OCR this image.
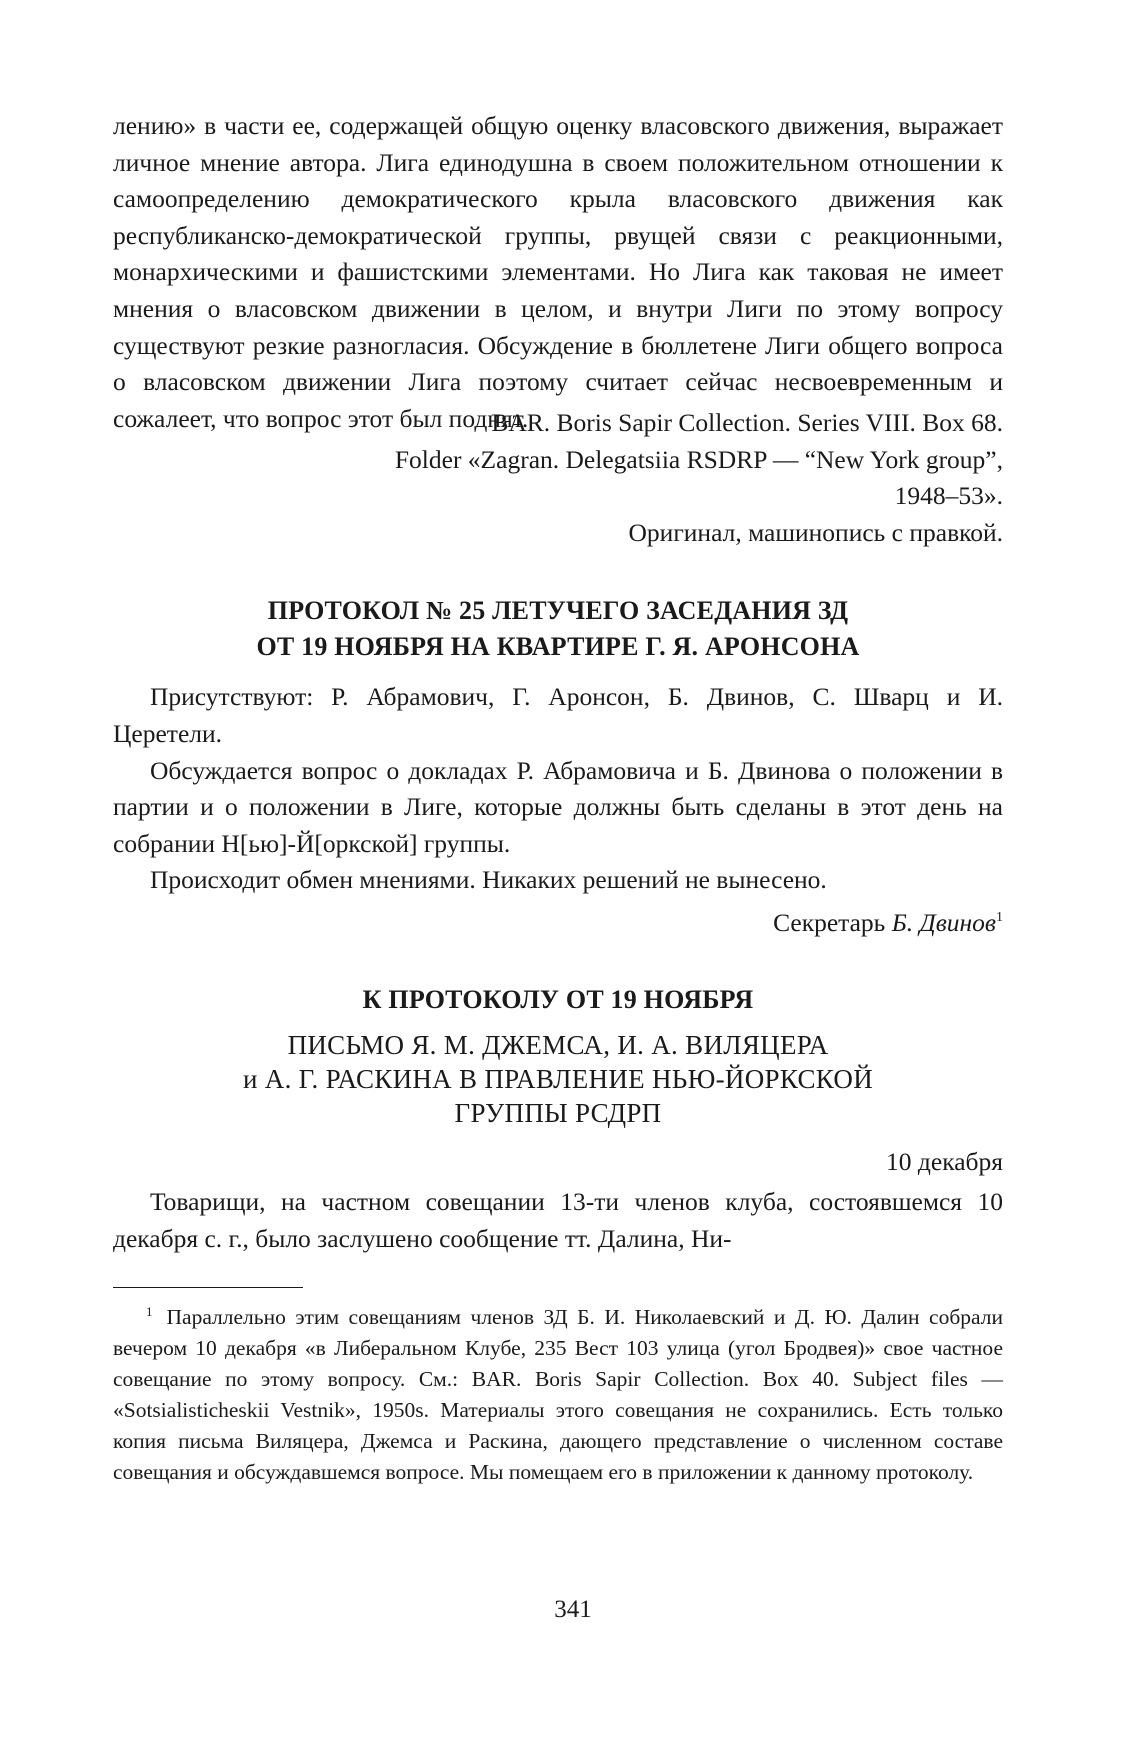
лению» в части ее, содержащей общую оценку власовского движения, выражает личное мнение автора. Лига единодушна в своем положительном отношении к самоопределению демократического крыла власовского движения как республиканско-демократической группы, рвущей связи с реакционными, монархическими и фашистскими элементами. Но Лига как таковая не имеет мнения о власовском движении в целом, и внутри Лиги по этому вопросу существуют резкие разногласия. Обсуждение в бюллетене Лиги общего вопроса о власовском движении Лига поэтому считает сейчас несвоевременным и сожалеет, что вопрос этот был поднят.

BAR. Boris Sapir Collection. Series VIII. Box 68.

Folder «Zagran. Delegatsiia RSDRP — “New York group”,

1948–53».

Оригинал, машинопись с правкой.

ПРОТОКОЛ № 25 ЛЕТУЧЕГО ЗАСЕДАНИЯ ЗД
ОТ 19 НОЯБРЯ НА КВАРТИРЕ Г. Я. АРОНСОНА

Присутствуют: Р. Абрамович, Г. Аронсон, Б. Двинов, С. Шварц и И. Церетели.

Обсуждается вопрос о докладах Р. Абрамовича и Б. Двинова о положении в партии и о положении в Лиге, которые должны быть сделаны в этот день на собрании Н[ью]-Й[оркской] группы.

Происходит обмен мнениями. Никаких решений не вынесено.

Секретарь Б. Двинов$^1$

К ПРОТОКОЛУ ОТ 19 НОЯБРЯ

ПИСЬМО Я. М. ДЖЕМСА, И. А. ВИЛЯЦЕРА

и А. Г. РАСКИНА В ПРАВЛЕНИЕ НЬЮ-ЙОРКСКОЙ

ГРУППЫ РСДРП

10 декабря

Товарищи, на частном совещании 13-ти членов клуба, состоявшемся 10 декабря с. г., было заслушено сообщение тт. Далина, Ни-

$^1$ Параллельно этим совещаниям членов ЗД Б. И. Николаевский и Д. Ю. Далин собрали вечером 10 декабря «в Либеральном Клубе, 235 Вест 103 улица (угол Бродвея)» свое частное совещание по этому вопросу. См.: BAR. Boris Sapir Collection. Box 40. Subject files — «Sotsialisticheskii Vestnik», 1950s. Материалы этого совещания не сохранились. Есть только копия письма Виляцера, Джемса и Раскина, дающего представление о численном составе совещания и обсуждавшемся вопросе. Мы помещаем его в приложении к данному протоколу.

341
